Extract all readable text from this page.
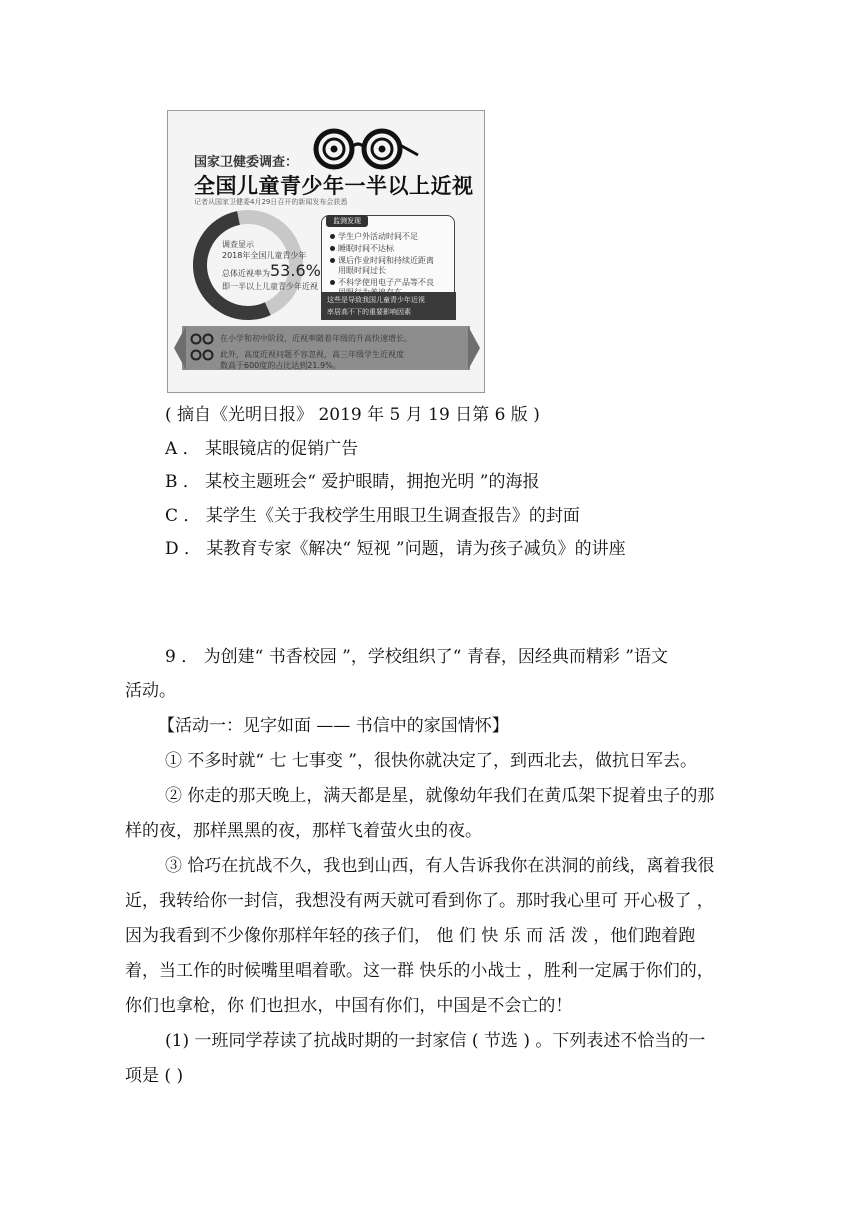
国家卫健委调查：
全国儿童青少年一半以上近视
记者从国家卫健委4月29日召开的新闻发布会获悉
调查显示
2018年全国儿童青少年
总体近视率为53.6%
即一半以上儿童青少年近视
监测发现
学生户外活动时间不足
睡眠时间不达标
课后作业时间和持续近距离
用眼时间过长
不科学使用电子产品等不良
这些是导致我国儿童青少年近视
率居高不下的重要影响因素
在小学和初中阶段，近视率随着年级的升高快速增长。
此外，高度近视问题不容忽视，高三年级学生近视度
数高于600度的占比达到21.9%。
( 摘自《光明日报》 2019 年 5 月 19 日第 6 版 )
A ． 某眼镜店的促销广告
B ． 某校主题班会“ 爱护眼睛，拥抱光明 ”的海报
C ． 某学生《关于我校学生用眼卫生调查报告》的封面
D ． 某教育专家《解决“ 短视 ”问题，请为孩子减负》的讲座
9 ． 为创建“ 书香校园 ”，学校组织了“ 青春，因经典而精彩 ”语文
活动。
【活动一：见字如面 —— 书信中的家国情怀】
① 不多时就“ 七 七事变 ”，很快你就决定了，到西北去，做抗日军去。
② 你走的那天晚上，满天都是星，就像幼年我们在黄瓜架下捉着虫子的那
样的夜，那样黑黑的夜，那样飞着萤火虫的夜。
③ 恰巧在抗战不久，我也到山西，有人告诉我你在洪洞的前线，离着我很
近，我转给你一封信，我想没有两天就可看到你了。那时我心里可 开心极了 ，
因为我看到不少像你那样年轻的孩子们， 他 们 快 乐 而 活 泼 ，他们跑着跑
着，当工作的时候嘴里唱着歌。这一群 快乐的小战士 ，胜利一定属于你们的，
你们也拿枪，你 们也担水，中国有你们，中国是不会亡的！
(1) 一班同学荐读了抗战时期的一封家信 ( 节选 ) 。下列表述不恰当的一
项是 ( )
